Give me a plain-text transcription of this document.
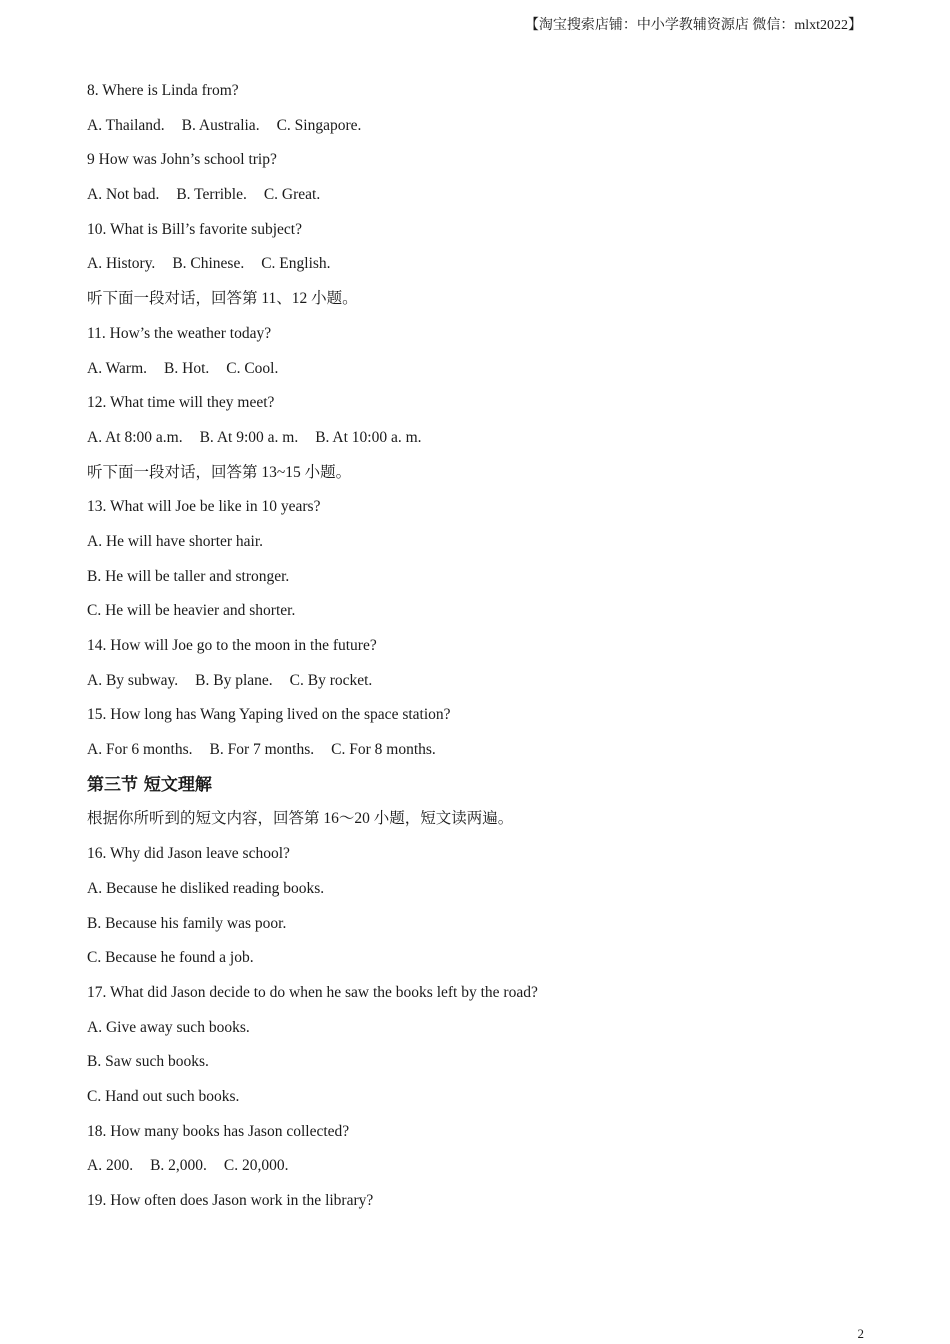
【淘宝搜索店铺：中小学教辅资源店 微信：mlxt2022】
8. Where is Linda from?
A. Thailand. B. Australia. C. Singapore.
9 How was John’s school trip?
A. Not bad. B. Terrible. C. Great.
10. What is Bill’s favorite subject?
A. History. B. Chinese. C. English.
听下面一段对话，回答第 11、12 小题。
11. How’s the weather today?
A. Warm. B. Hot. C. Cool.
12. What time will they meet?
A. At 8:00 a.m. B. At 9:00 a. m. B. At 10:00 a. m.
听下面一段对话，回答第 13~15 小题。
13. What will Joe be like in 10 years?
A. He will have shorter hair.
B. He will be taller and stronger.
C. He will be heavier and shorter.
14. How will Joe go to the moon in the future?
A. By subway. B. By plane. C. By rocket.
15. How long has Wang Yaping lived on the space station?
A. For 6 months. B. For 7 months. C. For 8 months.
第三节 短文理解
根据你所听到的短文内容，回答第 16～20 小题，短文读两遍。
16. Why did Jason leave school?
A. Because he disliked reading books.
B. Because his family was poor.
C. Because he found a job.
17. What did Jason decide to do when he saw the books left by the road?
A. Give away such books.
B. Saw such books.
C. Hand out such books.
18. How many books has Jason collected?
A. 200. B. 2,000. C. 20,000.
19. How often does Jason work in the library?
2
